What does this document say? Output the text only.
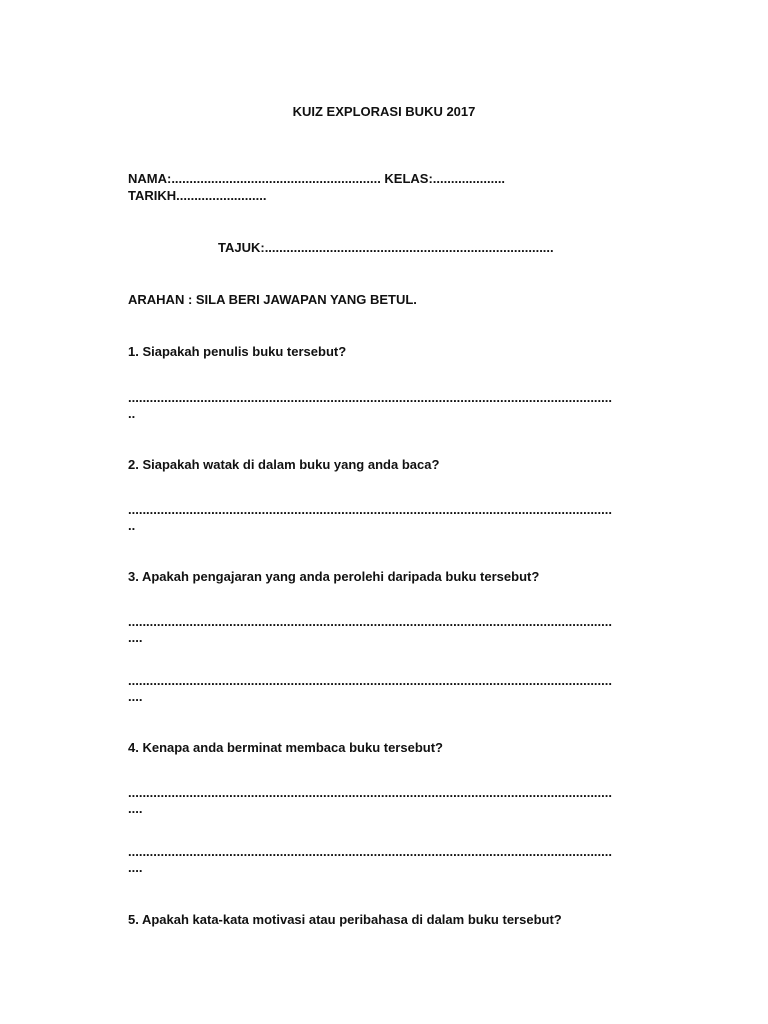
KUIZ EXPLORASI BUKU 2017
NAMA:.......................................................... KELAS:....................
TARIKH.........................
TAJUK:................................................................................
ARAHAN : SILA BERI JAWAPAN YANG BETUL.
1. Siapakah penulis buku tersebut?
......................................................................................................................................
..
2. Siapakah watak di dalam buku yang anda baca?
......................................................................................................................................
..
3. Apakah pengajaran yang anda perolehi daripada buku tersebut?
......................................................................................................................................
....
......................................................................................................................................
....
4. Kenapa anda berminat membaca buku tersebut?
......................................................................................................................................
....
......................................................................................................................................
....
5. Apakah kata-kata motivasi atau peribahasa di dalam buku tersebut?
